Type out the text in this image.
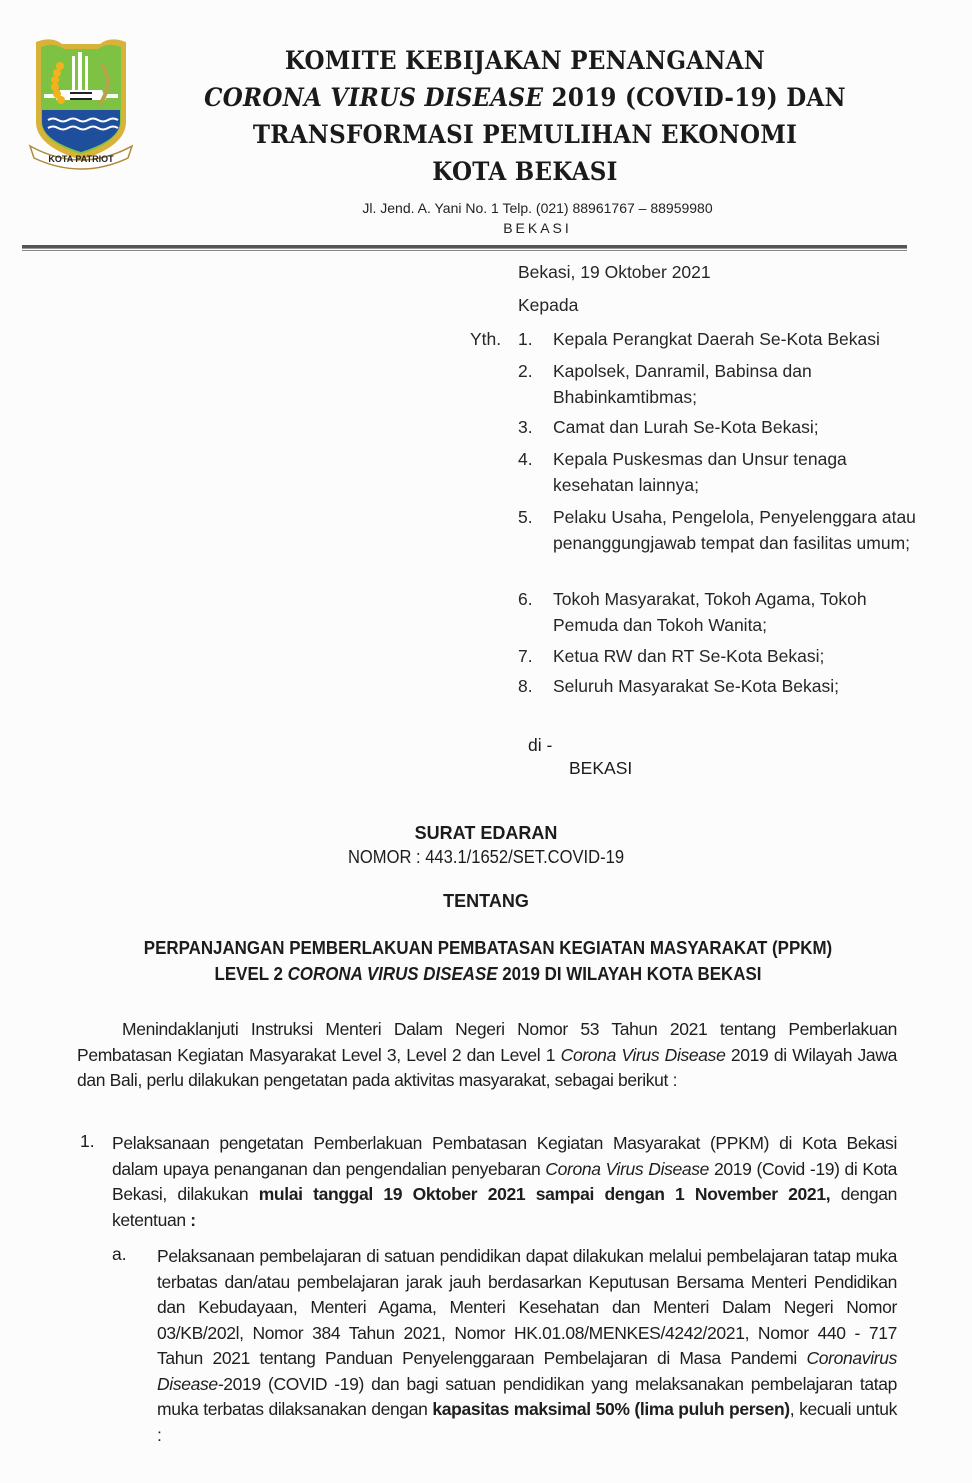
KOTA PATRIOT
KOMITE KEBIJAKAN PENANGANAN
CORONA VIRUS DISEASE 2019 (COVID-19) DAN
TRANSFORMASI PEMULIHAN EKONOMI
KOTA BEKASI
Jl. Jend. A. Yani No. 1 Telp. (021) 88961767 – 88959980
BEKASI
Bekasi, 19 Oktober 2021
Kepada
Yth. 1. Kepala Perangkat Daerah Se-Kota Bekasi
2. Kapolsek, Danramil, Babinsa dan Bhabinkamtibmas;
3. Camat dan Lurah Se-Kota Bekasi;
4. Kepala Puskesmas dan Unsur tenaga kesehatan lainnya;
5. Pelaku Usaha, Pengelola, Penyelenggara atau penanggungjawab tempat dan fasilitas umum;
6. Tokoh Masyarakat, Tokoh Agama, Tokoh Pemuda dan Tokoh Wanita;
7. Ketua RW dan RT Se-Kota Bekasi;
8. Seluruh Masyarakat Se-Kota Bekasi;
di -
BEKASI
SURAT EDARAN
NOMOR : 443.1/1652/SET.COVID-19
TENTANG
PERPANJANGAN PEMBERLAKUAN PEMBATASAN KEGIATAN MASYARAKAT (PPKM)
LEVEL 2 CORONA VIRUS DISEASE 2019 DI WILAYAH KOTA BEKASI
Menindaklanjuti Instruksi Menteri Dalam Negeri Nomor 53 Tahun 2021 tentang Pemberlakuan Pembatasan Kegiatan Masyarakat Level 3, Level 2 dan Level 1 Corona Virus Disease 2019 di Wilayah Jawa dan Bali, perlu dilakukan pengetatan pada aktivitas masyarakat, sebagai berikut :
1. Pelaksanaan pengetatan Pemberlakuan Pembatasan Kegiatan Masyarakat (PPKM) di Kota Bekasi dalam upaya penanganan dan pengendalian penyebaran Corona Virus Disease 2019 (Covid -19) di Kota Bekasi, dilakukan mulai tanggal 19 Oktober 2021 sampai dengan 1 November 2021, dengan ketentuan :
a. Pelaksanaan pembelajaran di satuan pendidikan dapat dilakukan melalui pembelajaran tatap muka terbatas dan/atau pembelajaran jarak jauh berdasarkan Keputusan Bersama Menteri Pendidikan dan Kebudayaan, Menteri Agama, Menteri Kesehatan dan Menteri Dalam Negeri Nomor 03/KB/202l, Nomor 384 Tahun 2021, Nomor HK.01.08/MENKES/4242/2021, Nomor 440 - 717 Tahun 2021 tentang Panduan Penyelenggaraan Pembelajaran di Masa Pandemi Coronavirus Disease-2019 (COVID -19) dan bagi satuan pendidikan yang melaksanakan pembelajaran tatap muka terbatas dilaksanakan dengan kapasitas maksimal 50% (lima puluh persen), kecuali untuk :
